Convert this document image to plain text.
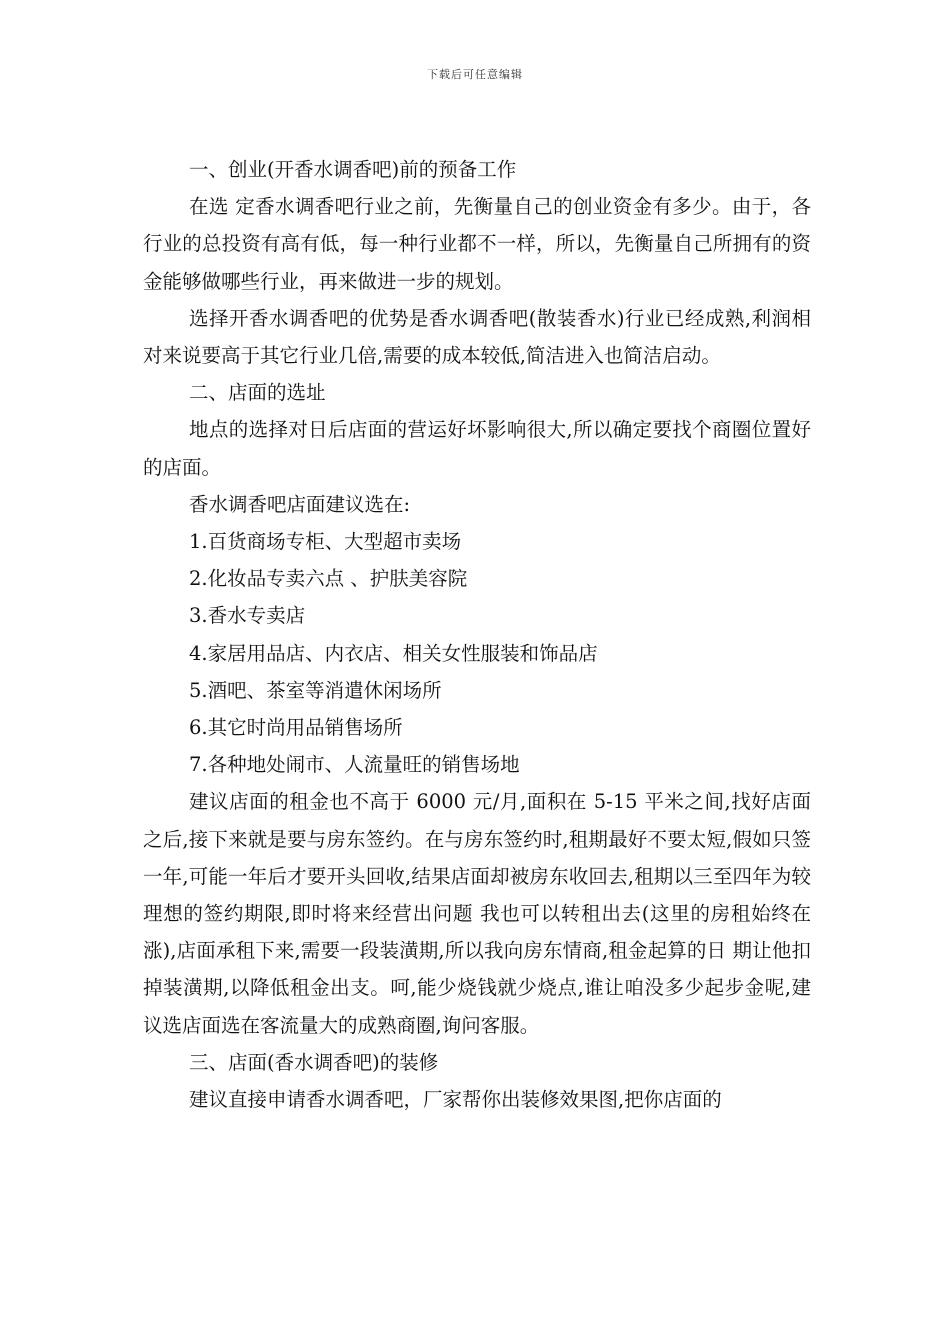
下载后可任意编辑

一、创业(开香水调香吧)前的预备工作

在选 定香水调香吧行业之前，先衡量自己的创业资金有多少。由于，各行业的总投资有高有低，每一种行业都不一样，所以，先衡量自己所拥有的资金能够做哪些行业，再来做进一步的规划。

选择开香水调香吧的优势是香水调香吧(散装香水)行业已经成熟,利润相对来说要高于其它行业几倍,需要的成本较低,简洁进入也简洁启动。

二、店面的选址

地点的选择对日后店面的营运好坏影响很大,所以确定要找个商圈位置好的店面。

香水调香吧店面建议选在:

1.百货商场专柜、大型超市卖场

2.化妆品专卖六点 、护肤美容院

3.香水专卖店

4.家居用品店、内衣店、相关女性服装和饰品店

5.酒吧、茶室等消遣休闲场所

6.其它时尚用品销售场所

7.各种地处闹市、人流量旺的销售场地

建议店面的租金也不高于 6000 元/月,面积在 5-15 平米之间,找好店面之后,接下来就是要与房东签约。在与房东签约时,租期最好不要太短,假如只签一年,可能一年后才要开头回收,结果店面却被房东收回去,租期以三至四年为较理想的签约期限,即时将来经营出问题 我也可以转租出去(这里的房租始终在涨),店面承租下来,需要一段装潢期,所以我向房东情商,租金起算的日 期让他扣掉装潢期,以降低租金出支。呵,能少烧钱就少烧点,谁让咱没多少起步金呢,建议选店面选在客流量大的成熟商圈,询问客服。

三、店面(香水调香吧)的装修

建议直接申请香水调香吧，厂家帮你出装修效果图,把你店面的
